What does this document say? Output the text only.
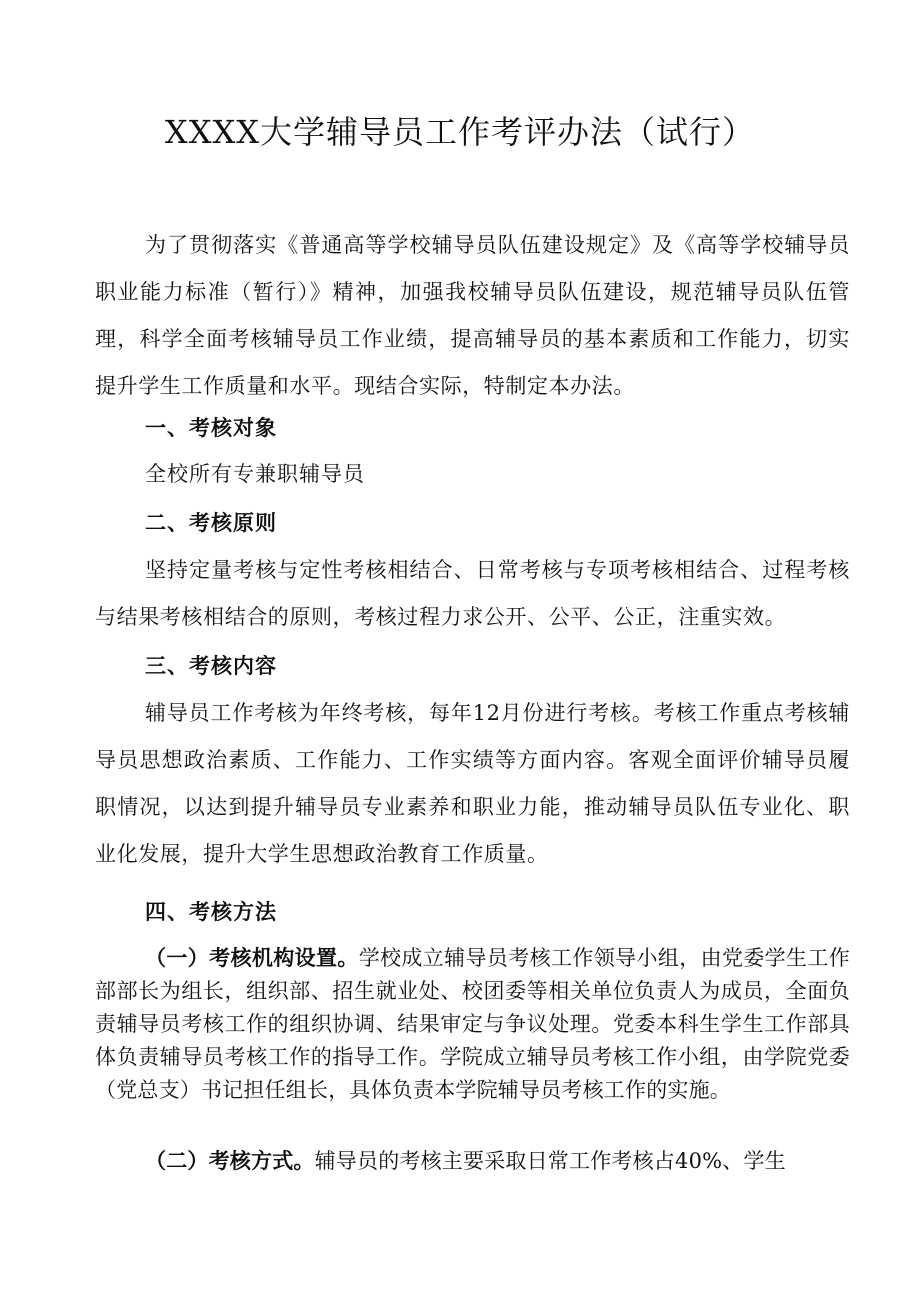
XXXX大学辅导员工作考评办法（试行）

为了贯彻落实《普通高等学校辅导员队伍建设规定》及《高等学校辅导员职业能力标准（暂行）》精神，加强我校辅导员队伍建设，规范辅导员队伍管理，科学全面考核辅导员工作业绩，提高辅导员的基本素质和工作能力，切实提升学生工作质量和水平。现结合实际，特制定本办法。

一、考核对象

全校所有专兼职辅导员

二、考核原则

坚持定量考核与定性考核相结合、日常考核与专项考核相结合、过程考核与结果考核相结合的原则，考核过程力求公开、公平、公正，注重实效。

三、考核内容

辅导员工作考核为年终考核，每年12月份进行考核。考核工作重点考核辅导员思想政治素质、工作能力、工作实绩等方面内容。客观全面评价辅导员履职情况，以达到提升辅导员专业素养和职业力能，推动辅导员队伍专业化、职业化发展，提升大学生思想政治教育工作质量。

四、考核方法

（一）考核机构设置。学校成立辅导员考核工作领导小组，由党委学生工作部部长为组长，组织部、招生就业处、校团委等相关单位负责人为成员，全面负责辅导员考核工作的组织协调、结果审定与争议处理。党委本科生学生工作部具体负责辅导员考核工作的指导工作。学院成立辅导员考核工作小组，由学院党委（党总支）书记担任组长，具体负责本学院辅导员考核工作的实施。

（二）考核方式。辅导员的考核主要采取日常工作考核占40%、学生
